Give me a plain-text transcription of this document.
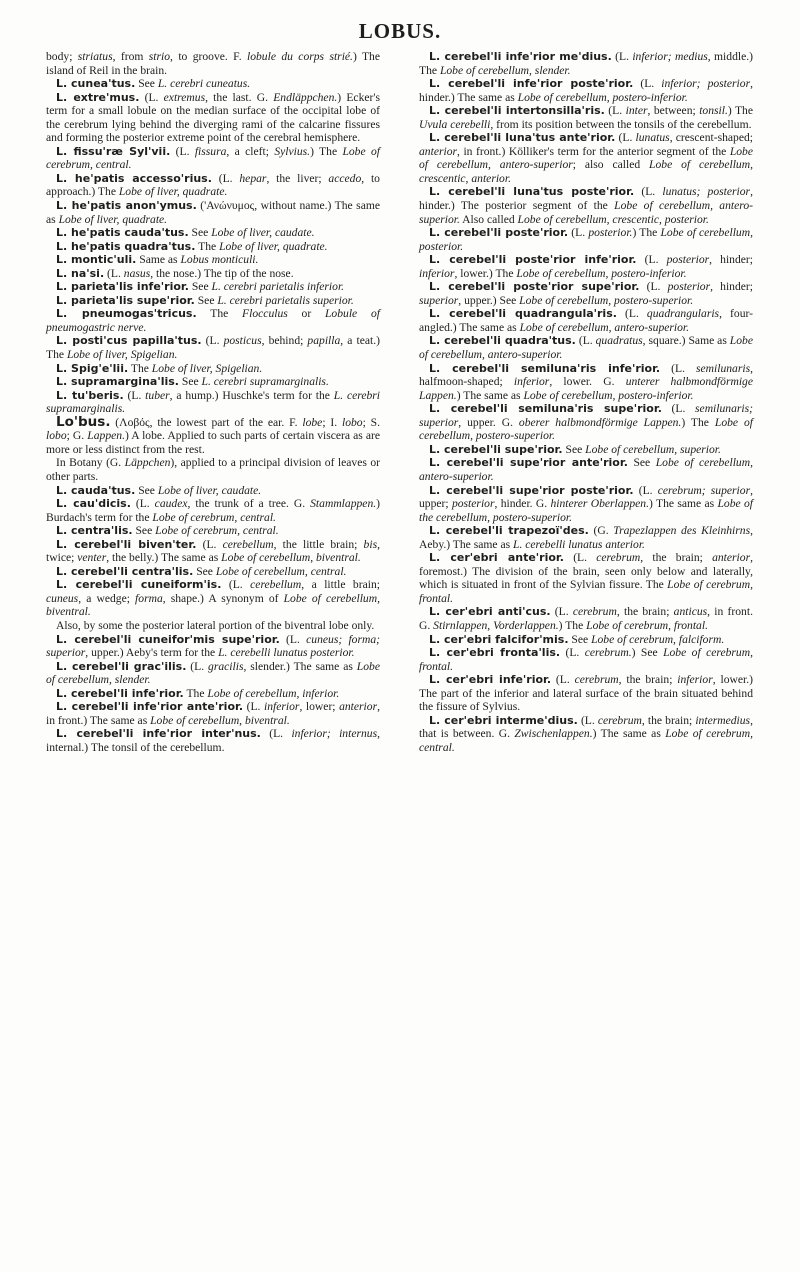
LOBUS.

body; striatus, from strio, to groove. F. lobule du corps strié.) The island of Reil in the brain.

L. cunea'tus. See L. cerebri cuneatus.

L. extre'mus. (L. extremus, the last. G. Endläppchen.) Ecker's term for a small lobule on the median surface of the occipital lobe of the cerebrum lying behind the diverging rami of the calcarine fissures and forming the posterior extreme point of the cerebral hemisphere.

L. fissu'ræ Syl'vii. (L. fissura, a cleft; Sylvius.) The Lobe of cerebrum, central.

L. he'patis accesso'rius. (L. hepar, the liver; accedo, to approach.) The Lobe of liver, quadrate.

L. he'patis anon'ymus. ('Ανώνυμος, without name.) The same as Lobe of liver, quadrate.

L. he'patis cauda'tus. See Lobe of liver, caudate.

L. he'patis quadra'tus. The Lobe of liver, quadrate.

L. montic'uli. Same as Lobus monticuli.

L. na'si. (L. nasus, the nose.) The tip of the nose.

L. parieta'lis infe'rior. See L. cerebri parietalis inferior.

L. parieta'lis supe'rior. See L. cerebri parietalis superior.

L. pneumogas'tricus. The Flocculus or Lobule of pneumogastric nerve.

L. posti'cus papilla'tus. (L. posticus, behind; papilla, a teat.) The Lobe of liver, Spigelian.

L. Spig'e'lii. The Lobe of liver, Spigelian.

L. supramargina'lis. See L. cerebri supramarginalis.

L. tu'beris. (L. tuber, a hump.) Huschke's term for the L. cerebri supramarginalis.

Lo'bus. (Λοβός, the lowest part of the ear. F. lobe; I. lobo; S. lobo; G. Lappen.) A lobe. Applied to such parts of certain viscera as are more or less distinct from the rest.

In Botany (G. Läppchen), applied to a principal division of leaves or other parts.

L. cauda'tus. See Lobe of liver, caudate.

L. cau'dicis. (L. caudex, the trunk of a tree. G. Stammlappen.) Burdach's term for the Lobe of cerebrum, central.

L. centra'lis. See Lobe of cerebrum, central.

L. cerebel'li biven'ter. (L. cerebellum, the little brain; bis, twice; venter, the belly.) The same as Lobe of cerebellum, biventral.

L. cerebel'li centra'lis. See Lobe of cerebellum, central.

L. cerebel'li cuneiform'is. (L. cerebellum, a little brain; cuneus, a wedge; forma, shape.) A synonym of Lobe of cerebellum, biventral.

Also, by some the posterior lateral portion of the biventral lobe only.

L. cerebel'li cuneifor'mis supe'rior. (L. cuneus; forma; superior, upper.) Aeby's term for the L. cerebelli lunatus posterior.

L. cerebel'li grac'ilis. (L. gracilis, slender.) The same as Lobe of cerebellum, slender.

L. cerebel'li infe'rior. The Lobe of cerebellum, inferior.

L. cerebel'li infe'rior ante'rior. (L. inferior, lower; anterior, in front.) The same as Lobe of cerebellum, biventral.

L. cerebel'li infe'rior inter'nus. (L. inferior; internus, internal.) The tonsil of the cerebellum.

L. cerebel'li infe'rior me'dius. (L. inferior; medius, middle.) The Lobe of cerebellum, slender.

L. cerebel'li infe'rior poste'rior. (L. inferior; posterior, hinder.) The same as Lobe of cerebellum, postero-inferior.

L. cerebel'li intertonsilla'ris. (L. inter, between; tonsil.) The Uvula cerebelli, from its position between the tonsils of the cerebellum.

L. cerebel'li luna'tus ante'rior. (L. lunatus, crescent-shaped; anterior, in front.) Kölliker's term for the anterior segment of the Lobe of cerebellum, antero-superior; also called Lobe of cerebellum, crescentic, anterior.

L. cerebel'li luna'tus poste'rior. (L. lunatus; posterior, hinder.) The posterior segment of the Lobe of cerebellum, antero-superior. Also called Lobe of cerebellum, crescentic, posterior.

L. cerebel'li poste'rior. (L. posterior.) The Lobe of cerebellum, posterior.

L. cerebel'li poste'rior infe'rior. (L. posterior, hinder; inferior, lower.) The Lobe of cerebellum, postero-inferior.

L. cerebel'li poste'rior supe'rior. (L. posterior, hinder; superior, upper.) See Lobe of cerebellum, postero-superior.

L. cerebel'li quadrangula'ris. (L. quadrangularis, four-angled.) The same as Lobe of cerebellum, antero-superior.

L. cerebel'li quadra'tus. (L. quadratus, square.) Same as Lobe of cerebellum, antero-superior.

L. cerebel'li semiluna'ris infe'rior. (L. semilunaris, halfmoon-shaped; inferior, lower. G. unterer halbmondförmige Lappen.) The same as Lobe of cerebellum, postero-inferior.

L. cerebel'li semiluna'ris supe'rior. (L. semilunaris; superior, upper. G. oberer halbmondförmige Lappen.) The Lobe of cerebellum, postero-superior.

L. cerebel'li supe'rior. See Lobe of cerebellum, superior.

L. cerebel'li supe'rior ante'rior. See Lobe of cerebellum, antero-superior.

L. cerebel'li supe'rior poste'rior. (L. cerebrum; superior, upper; posterior, hinder. G. hinterer Oberlappen.) The same as Lobe of the cerebellum, postero-superior.

L. cerebel'li trapezoï'des. (G. Trapezlappen des Kleinhirns, Aeby.) The same as L. cerebelli lunatus anterior.

L. cer'ebri ante'rior. (L. cerebrum, the brain; anterior, foremost.) The division of the brain, seen only below and laterally, which is situated in front of the Sylvian fissure. The Lobe of cerebrum, frontal.

L. cer'ebri anti'cus. (L. cerebrum, the brain; anticus, in front. G. Stirnlappen, Vorderlappen.) The Lobe of cerebrum, frontal.

L. cer'ebri falcifor'mis. See Lobe of cerebrum, falciform.

L. cer'ebri fronta'lis. (L. cerebrum.) See Lobe of cerebrum, frontal.

L. cer'ebri infe'rior. (L. cerebrum, the brain; inferior, lower.) The part of the inferior and lateral surface of the brain situated behind the fissure of Sylvius.

L. cer'ebri interme'dius. (L. cerebrum, the brain; intermedius, that is between. G. Zwischenlappen.) The same as Lobe of cerebrum, central.
